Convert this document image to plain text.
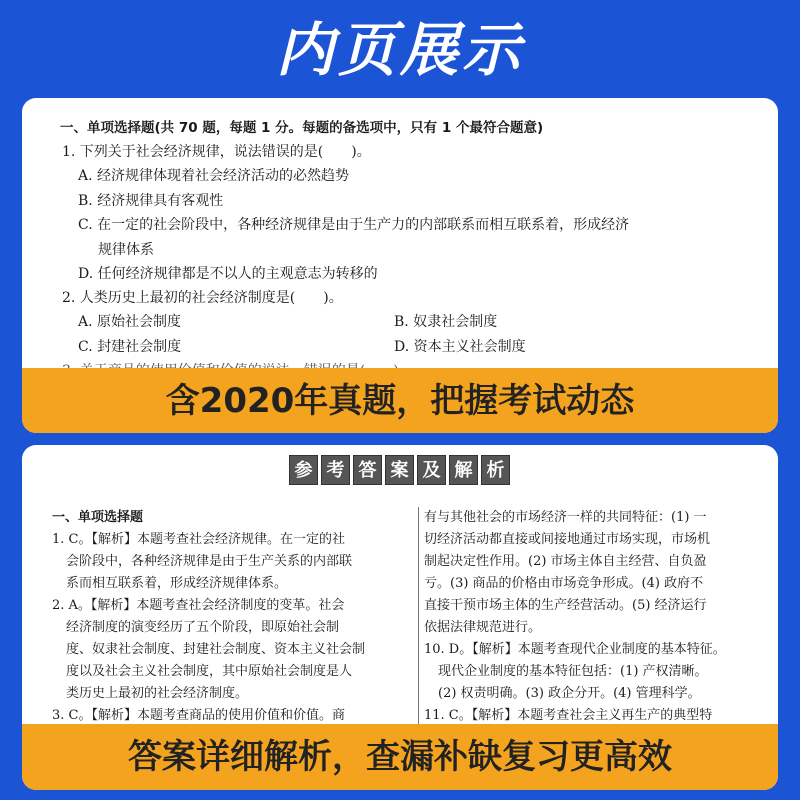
内页展示
一、单项选择题(共 70 题，每题 1 分。每题的备选项中，只有 1 个最符合题意)
1. 下列关于社会经济规律，说法错误的是(　　)。
A. 经济规律体现着社会经济活动的必然趋势
B. 经济规律具有客观性
C. 在一定的社会阶段中，各种经济规律是由于生产力的内部联系而相互联系着，形成经济
规律体系
D. 任何经济规律都是不以人的主观意志为转移的
2. 人类历史上最初的社会经济制度是(　　)。
A. 原始社会制度	B. 奴隶社会制度
C. 封建社会制度	D. 资本主义社会制度
含2020年真题，把握考试动态
参 考 答 案 及 解 析
一、单项选择题
1. C。【解析】本题考查社会经济规律。在一定的社
会阶段中，各种经济规律是由于生产关系的内部联
系而相互联系着，形成经济规律体系。
2. A。【解析】本题考查社会经济制度的变革。社会
经济制度的演变经历了五个阶段，即原始社会制
度、奴隶社会制度、封建社会制度、资本主义社会制
度以及社会主义社会制度，其中原始社会制度是人
类历史上最初的社会经济制度。
3. C。【解析】本题考查商品的使用价值和价值。商
有与其他社会的市场经济一样的共同特征：(1) 一
切经济活动都直接或间接地通过市场实现，市场机
制起决定性作用。(2) 市场主体自主经营、自负盈
亏。(3) 商品的价格由市场竞争形成。(4) 政府不
直接干预市场主体的生产经营活动。(5) 经济运行
依据法律规范进行。
10. D。【解析】本题考查现代企业制度的基本特征。
现代企业制度的基本特征包括：(1) 产权清晰。
(2) 权责明确。(3) 政企分开。(4) 管理科学。
11. C。【解析】本题考查社会主义再生产的典型特
答案详细解析，查漏补缺复习更高效
